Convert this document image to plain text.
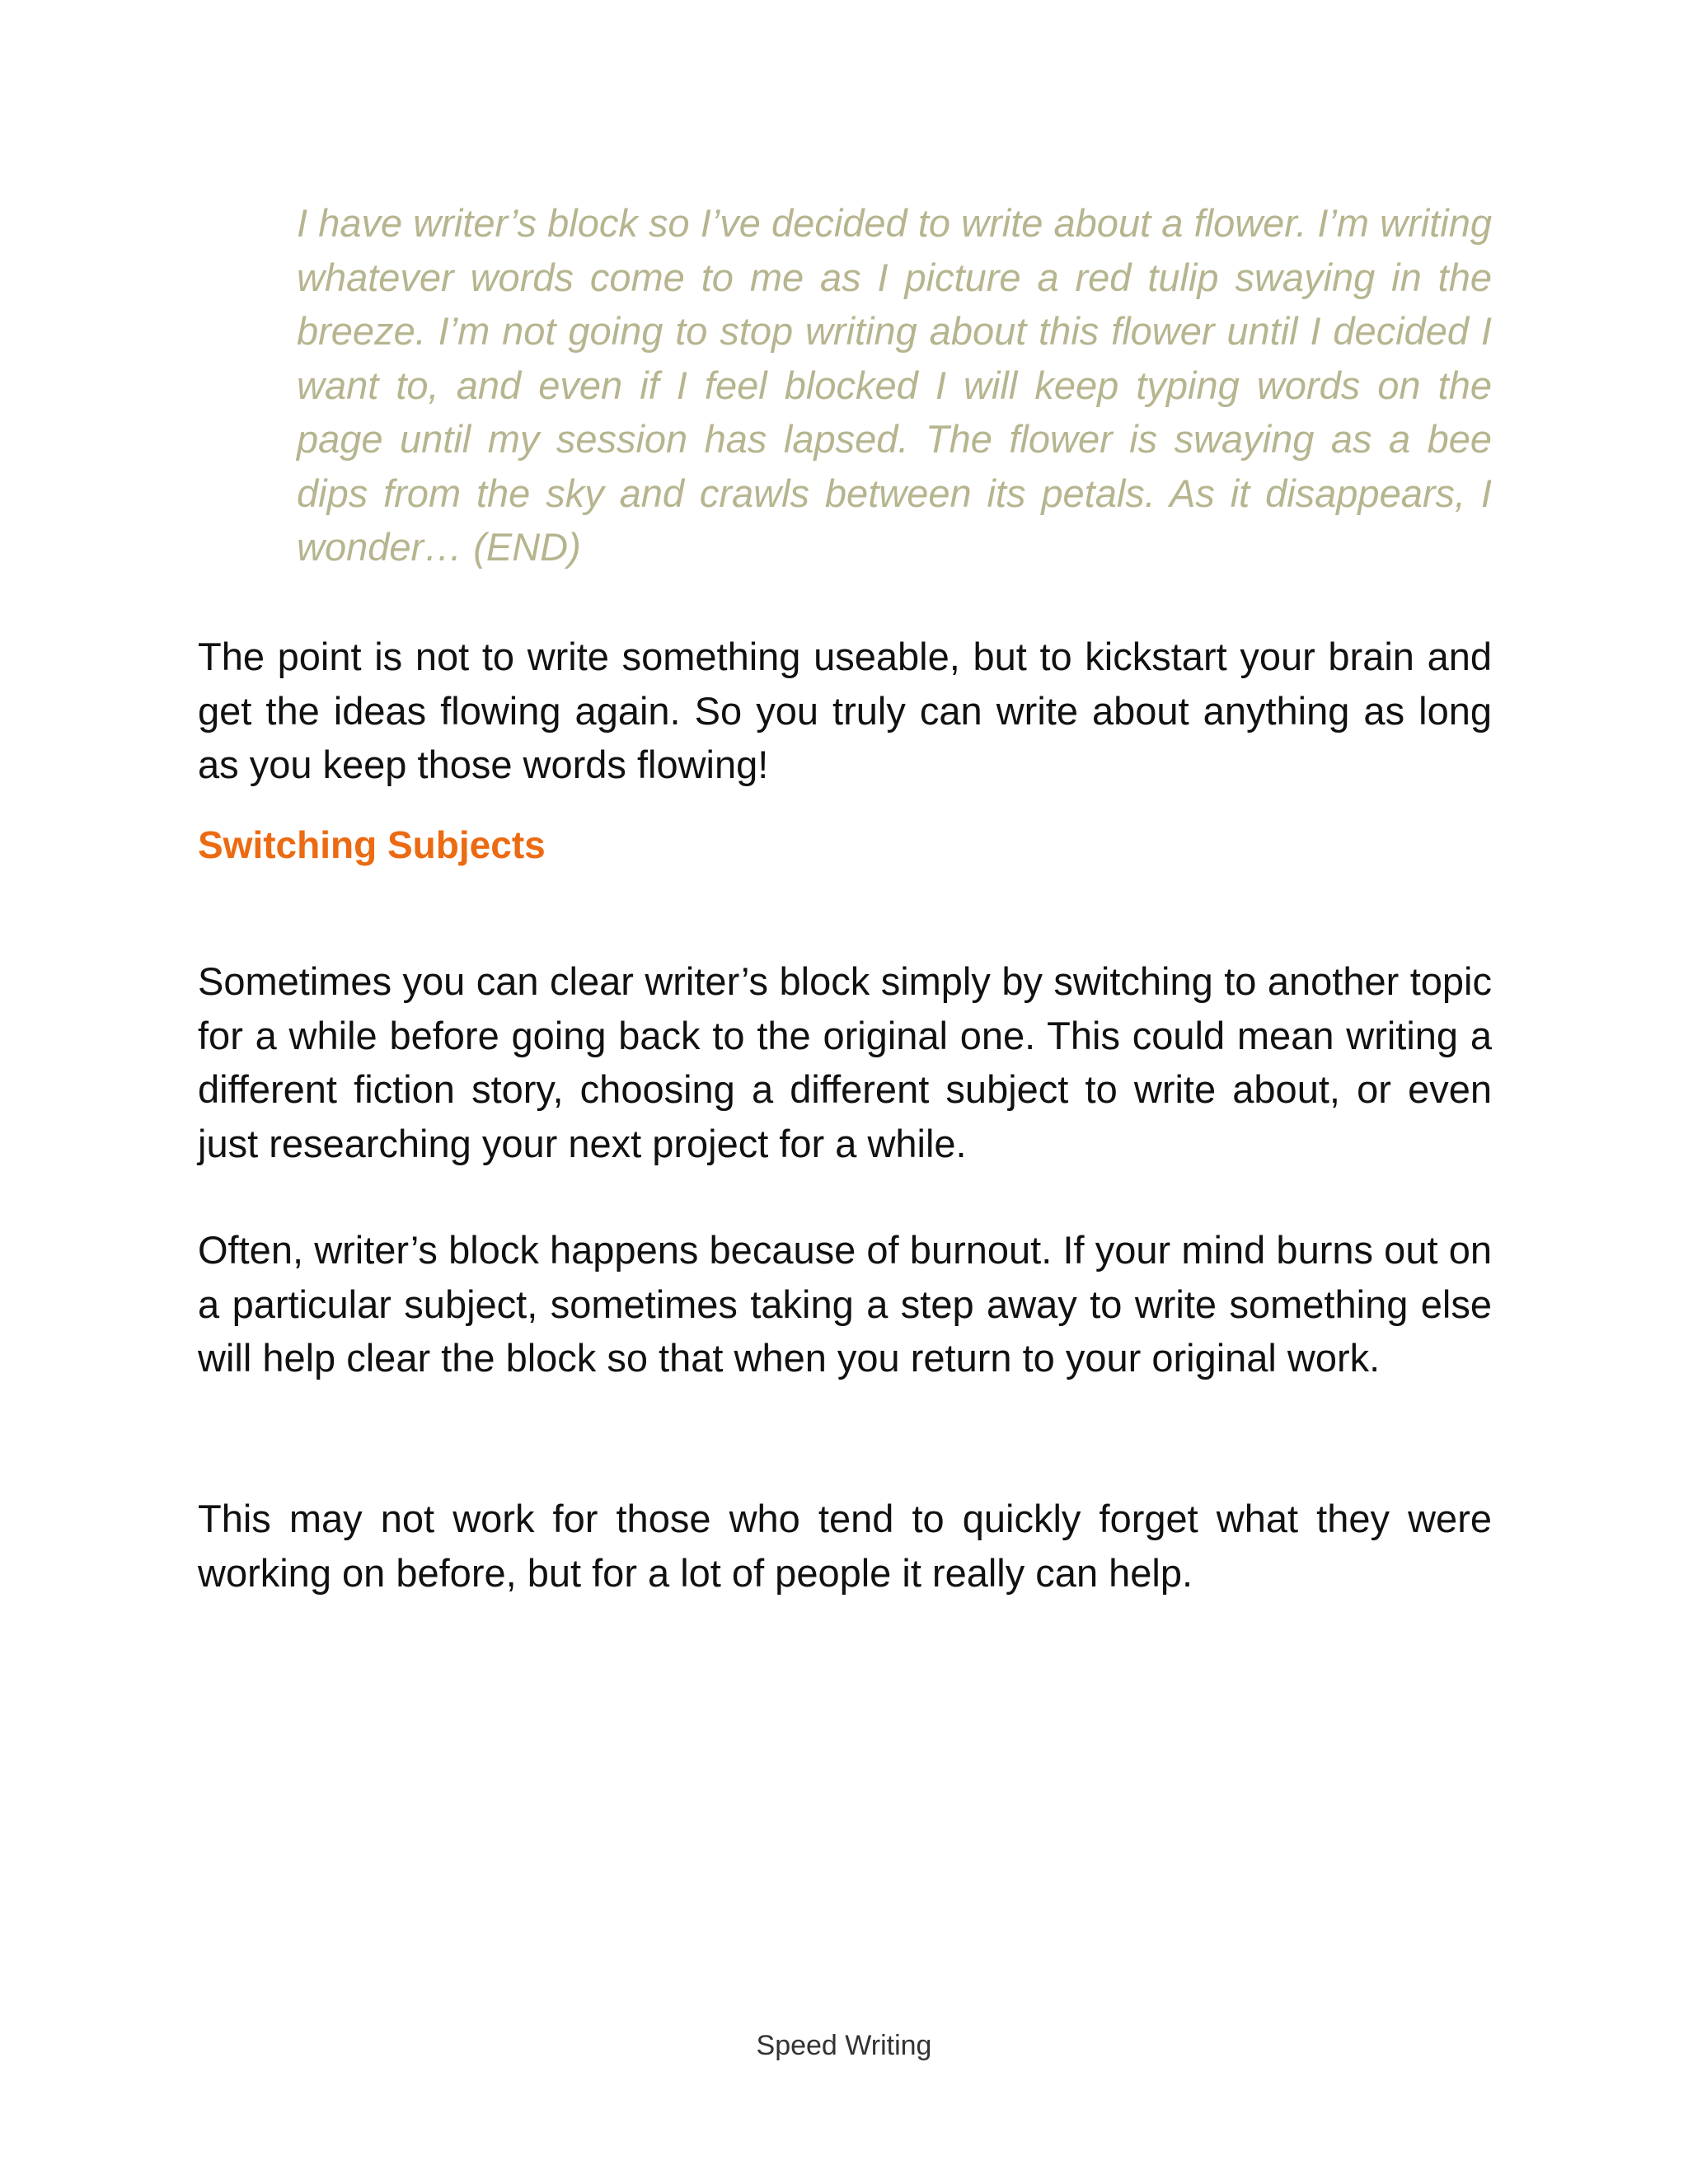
I have writer’s block so I’ve decided to write about a flower. I’m writing whatever words come to me as I picture a red tulip swaying in the breeze. I’m not going to stop writing about this flower until I decided I want to, and even if I feel blocked I will keep typing words on the page until my session has lapsed. The flower is swaying as a bee dips from the sky and crawls between its petals. As it disappears, I wonder… (END)

The point is not to write something useable, but to kickstart your brain and get the ideas flowing again. So you truly can write about anything as long as you keep those words flowing!

Switching Subjects

Sometimes you can clear writer’s block simply by switching to another topic for a while before going back to the original one. This could mean writing a different fiction story, choosing a different subject to write about, or even just researching your next project for a while.

Often, writer’s block happens because of burnout. If your mind burns out on a particular subject, sometimes taking a step away to write something else will help clear the block so that when you return to your original work.

This may not work for those who tend to quickly forget what they were working on before, but for a lot of people it really can help.

Speed Writing
